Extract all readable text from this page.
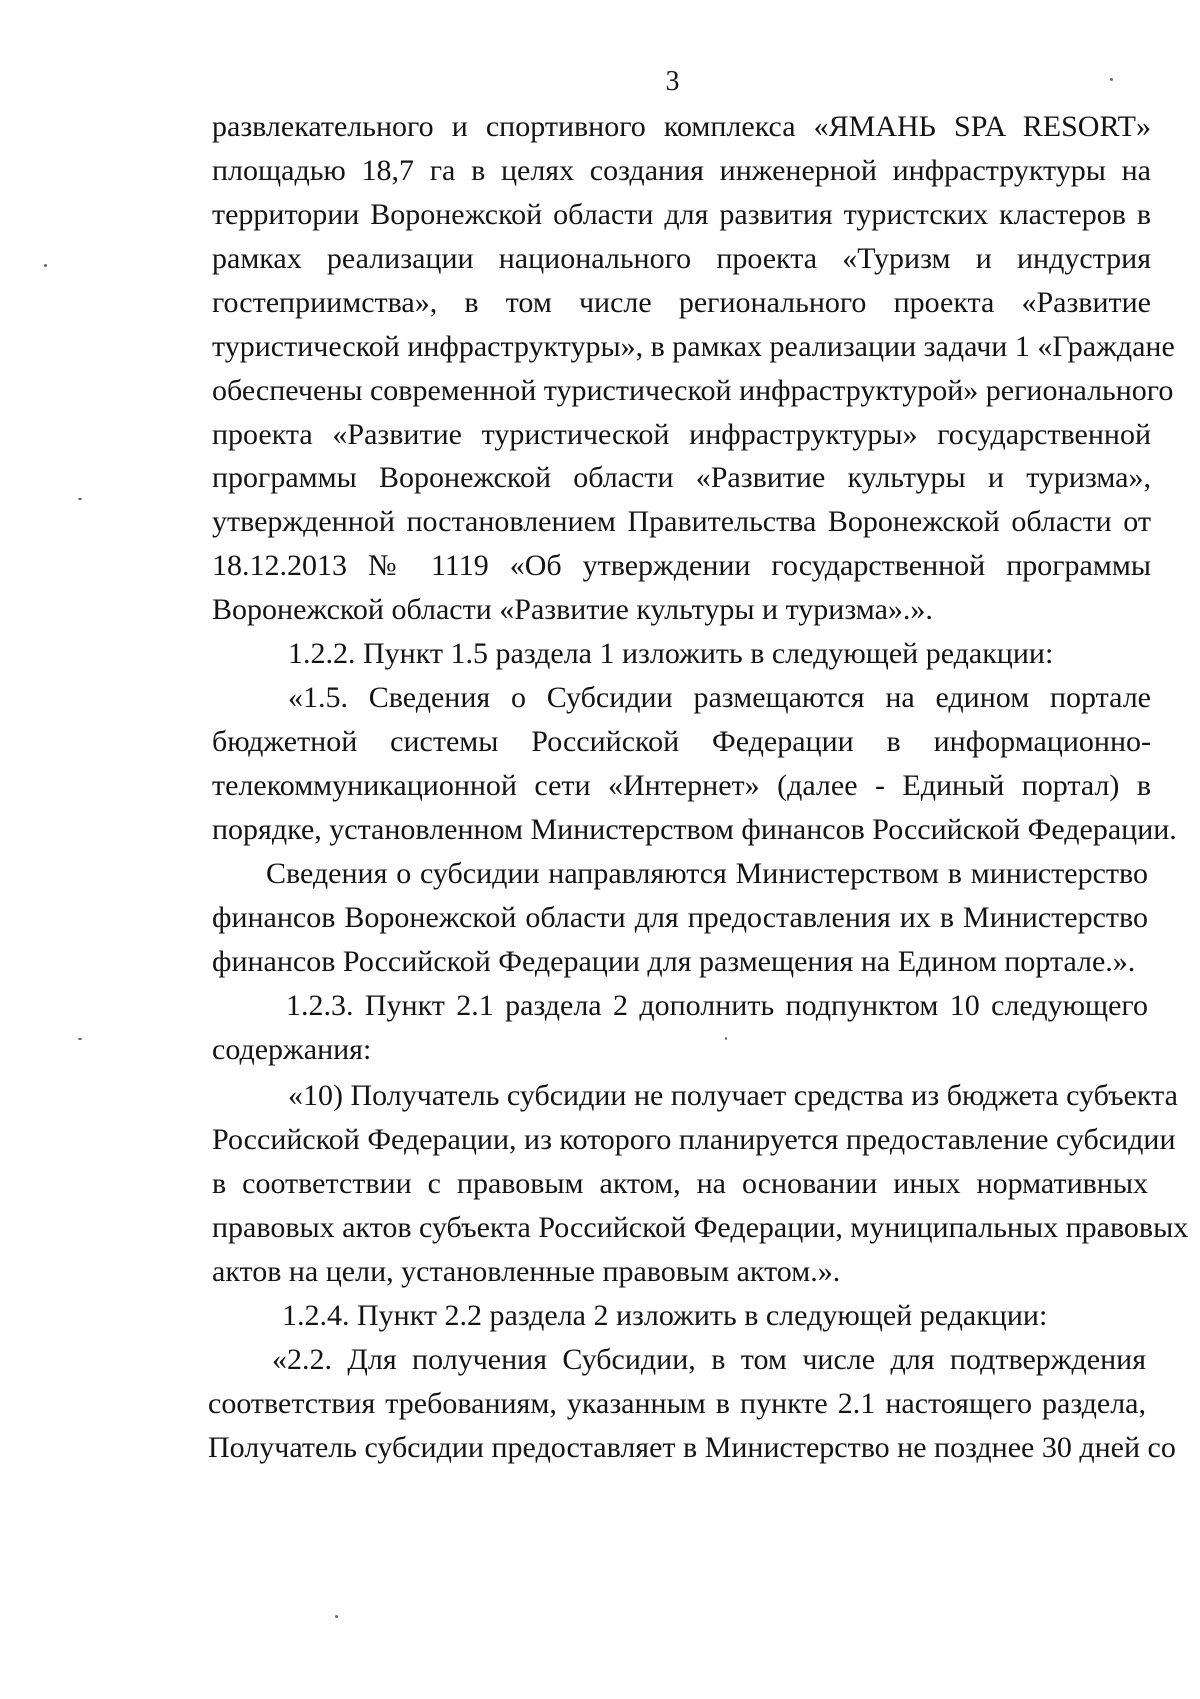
3
развлекательного и спортивного комплекса «ЯМАНЬ SPA RESORT»
площадью 18,7 га в целях создания инженерной инфраструктуры на
территории Воронежской области для развития туристских кластеров в
рамках реализации национального проекта «Туризм и индустрия
гостеприимства», в том числе регионального проекта «Развитие
туристической инфраструктуры», в рамках реализации задачи 1 «Граждане
обеспечены современной туристической инфраструктурой» регионального
проекта «Развитие туристической инфраструктуры» государственной
программы Воронежской области «Развитие культуры и туризма»,
утвержденной постановлением Правительства Воронежской области от
18.12.2013 № 1119 «Об утверждении государственной программы
Воронежской области «Развитие культуры и туризма».».
1.2.2. Пункт 1.5 раздела 1 изложить в следующей редакции:
«1.5. Сведения о Субсидии размещаются на едином портале
бюджетной системы Российской Федерации в информационно-
телекоммуникационной сети «Интернет» (далее - Единый портал) в
порядке, установленном Министерством финансов Российской Федерации.
Сведения о субсидии направляются Министерством в министерство
финансов Воронежской области для предоставления их в Министерство
финансов Российской Федерации для размещения на Едином портале.».
1.2.3. Пункт 2.1 раздела 2 дополнить подпунктом 10 следующего
содержания:
«10) Получатель субсидии не получает средства из бюджета субъекта
Российской Федерации, из которого планируется предоставление субсидии
в соответствии с правовым актом, на основании иных нормативных
правовых актов субъекта Российской Федерации, муниципальных правовых
актов на цели, установленные правовым актом.».
1.2.4. Пункт 2.2 раздела 2 изложить в следующей редакции:
«2.2. Для получения Субсидии, в том числе для подтверждения
соответствия требованиям, указанным в пункте 2.1 настоящего раздела,
Получатель субсидии предоставляет в Министерство не позднее 30 дней со
